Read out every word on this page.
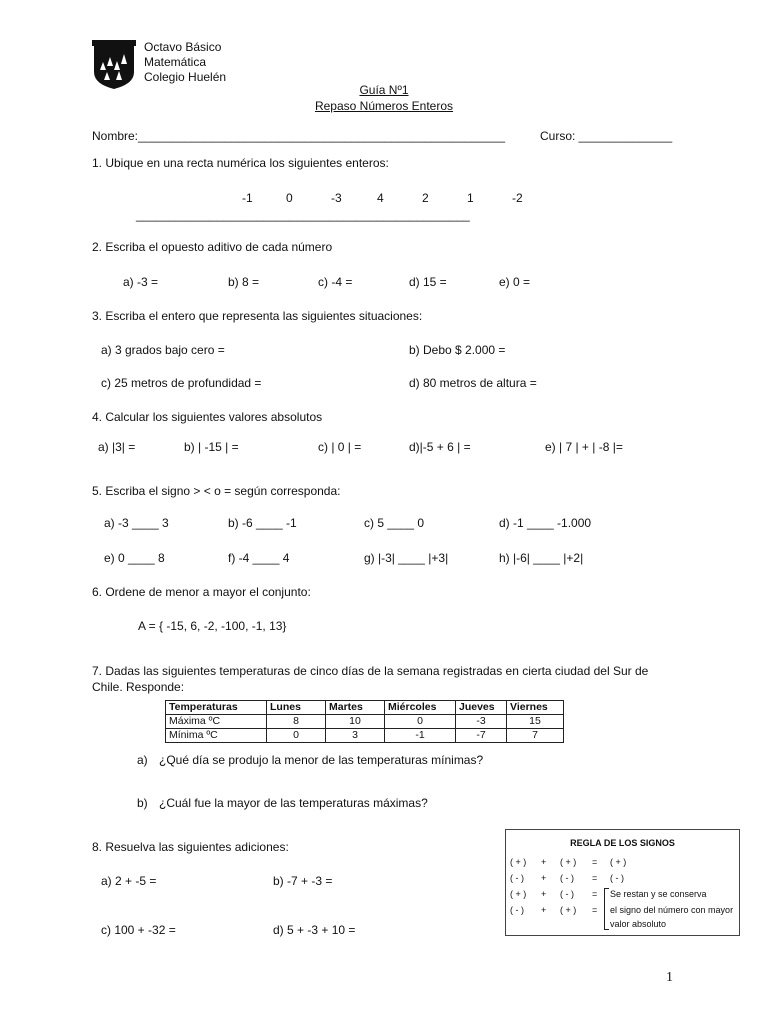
Octavo Básico
Matemática
Colegio Huelén
Guía Nº1
Repaso Números Enteros
Nombre:_______________________________________________________	Curso: ______________
1. Ubique en una recta numérica los siguientes enteros:
-1	0	-3	4	2	1	-2
__________________________________________________
2. Escriba el opuesto aditivo de cada número
a) -3 =	b) 8 =	c) -4 =	d) 15 =	e) 0 =
3. Escriba el entero que representa las siguientes situaciones:
a) 3 grados bajo cero =	b) Debo $ 2.000 =
c) 25 metros de profundidad =	d) 80 metros de altura =
4. Calcular los siguientes valores absolutos
a) |3| =	b) | -15 | =	c) | 0 | =	d)|-5 + 6 | =	e) | 7 | + | -8 |=
5. Escriba el signo > < o = según corresponda:
a) -3 ____ 3	b) -6 ____ -1	c) 5 ____ 0	d) -1 ____ -1.000
e) 0 ____ 8	f) -4 ____ 4	g) |-3| ____ |+3|	h) |-6| ____ |+2|
6. Ordene de menor a mayor el conjunto:
A = { -15, 6, -2, -100, -1, 13}
7. Dadas las siguientes temperaturas de cinco días de la semana registradas en cierta ciudad del Sur de
Chile. Responde:
Temperaturas	Lunes	Martes	Miércoles	Jueves	Viernes
Máxima ºC	8	10	0	-3	15
Mínima ºC	0	3	-1	-7	7
a) ¿Qué día se produjo la menor de las temperaturas mínimas?
b) ¿Cuál fue la mayor de las temperaturas máximas?
8. Resuelva las siguientes adiciones:
a) 2 + -5 =	b) -7 + -3 =
c) 100 + -32 =	d) 5 + -3 + 10 =
REGLA DE LOS SIGNOS
( + ) + ( + ) = ( + )
( - ) + ( - ) = ( - )
( + ) + ( - ) =
( - ) + ( + ) =
Se restan y se conserva
el signo del número con mayor
valor absoluto
1
